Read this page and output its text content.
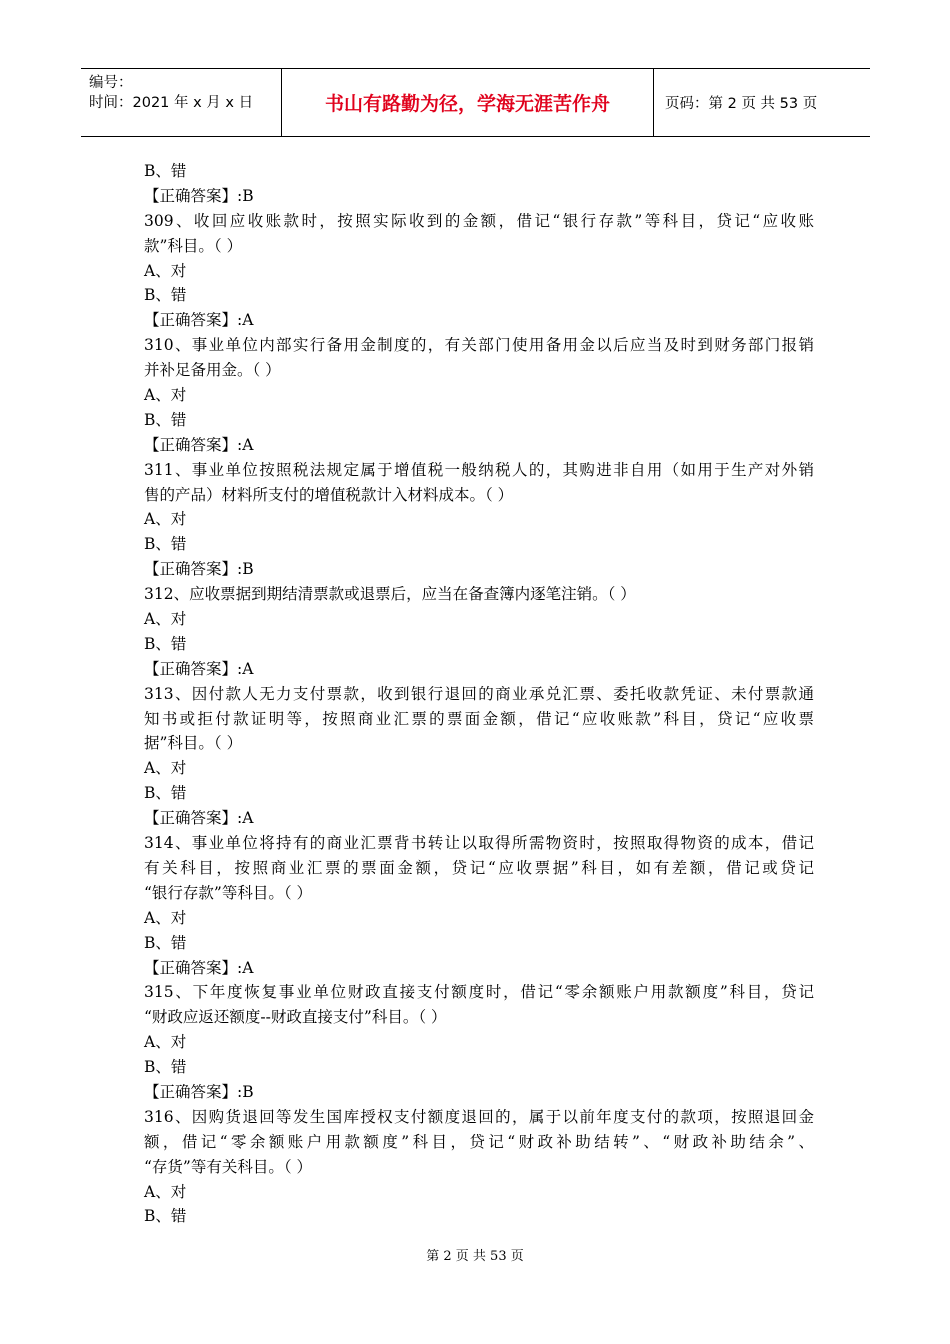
编号：
时间：2021 年 x 月 x 日	书山有路勤为径，学海无涯苦作舟	页码：第 2 页 共 53 页
B、错
【正确答案】:B
309、收回应收账款时，按照实际收到的金额，借记“银行存款”等科目，贷记“应收账
款”科目。（ ）
A、对
B、错
【正确答案】:A
310、事业单位内部实行备用金制度的，有关部门使用备用金以后应当及时到财务部门报销
并补足备用金。（ ）
A、对
B、错
【正确答案】:A
311、事业单位按照税法规定属于增值税一般纳税人的，其购进非自用（如用于生产对外销
售的产品）材料所支付的增值税款计入材料成本。（ ）
A、对
B、错
【正确答案】:B
312、应收票据到期结清票款或退票后，应当在备查簿内逐笔注销。（ ）
A、对
B、错
【正确答案】:A
313、因付款人无力支付票款，收到银行退回的商业承兑汇票、委托收款凭证、未付票款通
知书或拒付款证明等，按照商业汇票的票面金额，借记“应收账款”科目，贷记“应收票
据”科目。（ ）
A、对
B、错
【正确答案】:A
314、事业单位将持有的商业汇票背书转让以取得所需物资时，按照取得物资的成本，借记
有关科目，按照商业汇票的票面金额，贷记“应收票据”科目，如有差额，借记或贷记
“银行存款”等科目。（ ）
A、对
B、错
【正确答案】:A
315、下年度恢复事业单位财政直接支付额度时，借记“零余额账户用款额度”科目，贷记
“财政应返还额度--财政直接支付”科目。（ ）
A、对
B、错
【正确答案】:B
316、因购货退回等发生国库授权支付额度退回的，属于以前年度支付的款项，按照退回金
额，借记“零余额账户用款额度”科目，贷记“财政补助结转”、“财政补助结余”、
“存货”等有关科目。（ ）
A、对
B、错
第 2 页 共 53 页
